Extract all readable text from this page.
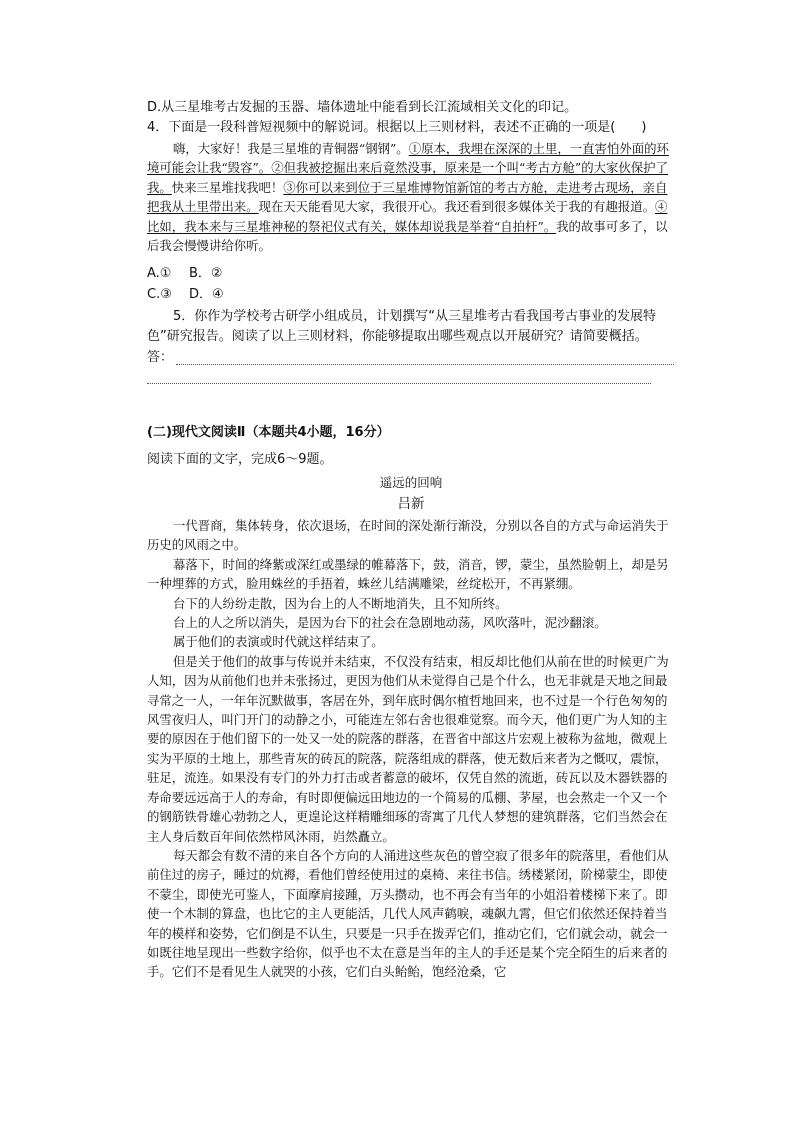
D.从三星堆考古发掘的玉器、墙体遗址中能看到长江流域相关文化的印记。

4．下面是一段科普短视频中的解说词。根据以上三则材料，表述不正确的一项是(　　)

嗨，大家好！我是三星堆的青铜器“钢钢”。①原本，我埋在深深的土里，一直害怕外面的环境可能会让我“毁容”。②但我被挖掘出来后竟然没事，原来是一个叫“考古方舱”的大家伙保护了我。快来三星堆找我吧！③你可以来到位于三星堆博物馆新馆的考古方舱，走进考古现场，亲自把我从土里带出来。现在天天能看见大家，我很开心。我还看到很多媒体关于我的有趣报道。④比如，我本来与三星堆神秘的祭祀仪式有关，媒体却说我是举着“自拍杆”。我的故事可多了，以后我会慢慢讲给你听。

A.① B．②

C.③ D．④

5．你作为学校考古研学小组成员，计划撰写“从三星堆考古看我国考古事业的发展特色”研究报告。阅读了以上三则材料，你能够提取出哪些观点以开展研究？请简要概括。

答：

(二)现代文阅读Ⅱ（本题共4小题，16分）

阅读下面的文字，完成6～9题。

遥远的回响

吕新

一代晋商，集体转身，依次退场，在时间的深处渐行渐没，分别以各自的方式与命运消失于历史的风雨之中。

幕落下，时间的绛紫或深红或墨绿的帷幕落下，鼓，消音，锣，蒙尘，虽然脸朝上，却是另一种埋葬的方式，脸用蛛丝的手捂着，蛛丝儿结满雕梁，丝绽松开，不再紧绷。

台下的人纷纷走散，因为台上的人不断地消失，且不知所终。

台上的人之所以消失，是因为台下的社会在急剧地动荡，风吹落叶，泥沙翻滚。

属于他们的表演或时代就这样结束了。

但是关于他们的故事与传说并未结束，不仅没有结束，相反却比他们从前在世的时候更广为人知，因为从前他们也并未张扬过，更因为他们从未觉得自己是个什么，也无非就是天地之间最寻常之一人，一年年沉默做事，客居在外，到年底时偶尔植哲地回来，也不过是一个行色匆匆的风雪夜归人，叫门开门的动静之小，可能连左邻右舍也很难觉察。而今天，他们更广为人知的主要的原因在于他们留下的一处又一处的院落的群落，在晋省中部这片宏观上被称为盆地，微观上实为平原的土地上，那些青灰的砖瓦的院落，院落组成的群落，使无数后来者为之慨叹，震惊，驻足，流连。如果没有专门的外力打击或者蓄意的破坏，仅凭自然的流逝，砖瓦以及木器铁器的寿命要远远高于人的寿命，有时即便偏远田地边的一个简易的瓜棚、茅屋，也会熬走一个又一个的钢筋铁骨雄心勃勃之人，更遑论这样精雕细琢的寄寓了几代人梦想的建筑群落，它们当然会在主人身后数百年间依然栉风沐雨，岿然矗立。

每天都会有数不清的来自各个方向的人涌进这些灰色的曾空寂了很多年的院落里，看他们从前住过的房子，睡过的炕褥，看他们曾经使用过的桌椅、来往书信。绣楼紧闭，阶梯蒙尘，即使不蒙尘，即使光可鉴人，下面摩肩接踵，万头攒动，也不再会有当年的小姐沿着楼梯下来了。即使一个木制的算盘，也比它的主人更能活，几代人风声鹤唳，魂飙九霄，但它们依然还保持着当年的模样和姿势，它们倒是不认生，只要是一只手在拨弄它们，推动它们，它们就会动，就会一如既往地呈现出一些数字给你，似乎也不太在意是当年的主人的手还是某个完全陌生的后来者的手。它们不是看见生人就哭的小孩，它们白头鲐鲐，饱经沧桑，它
